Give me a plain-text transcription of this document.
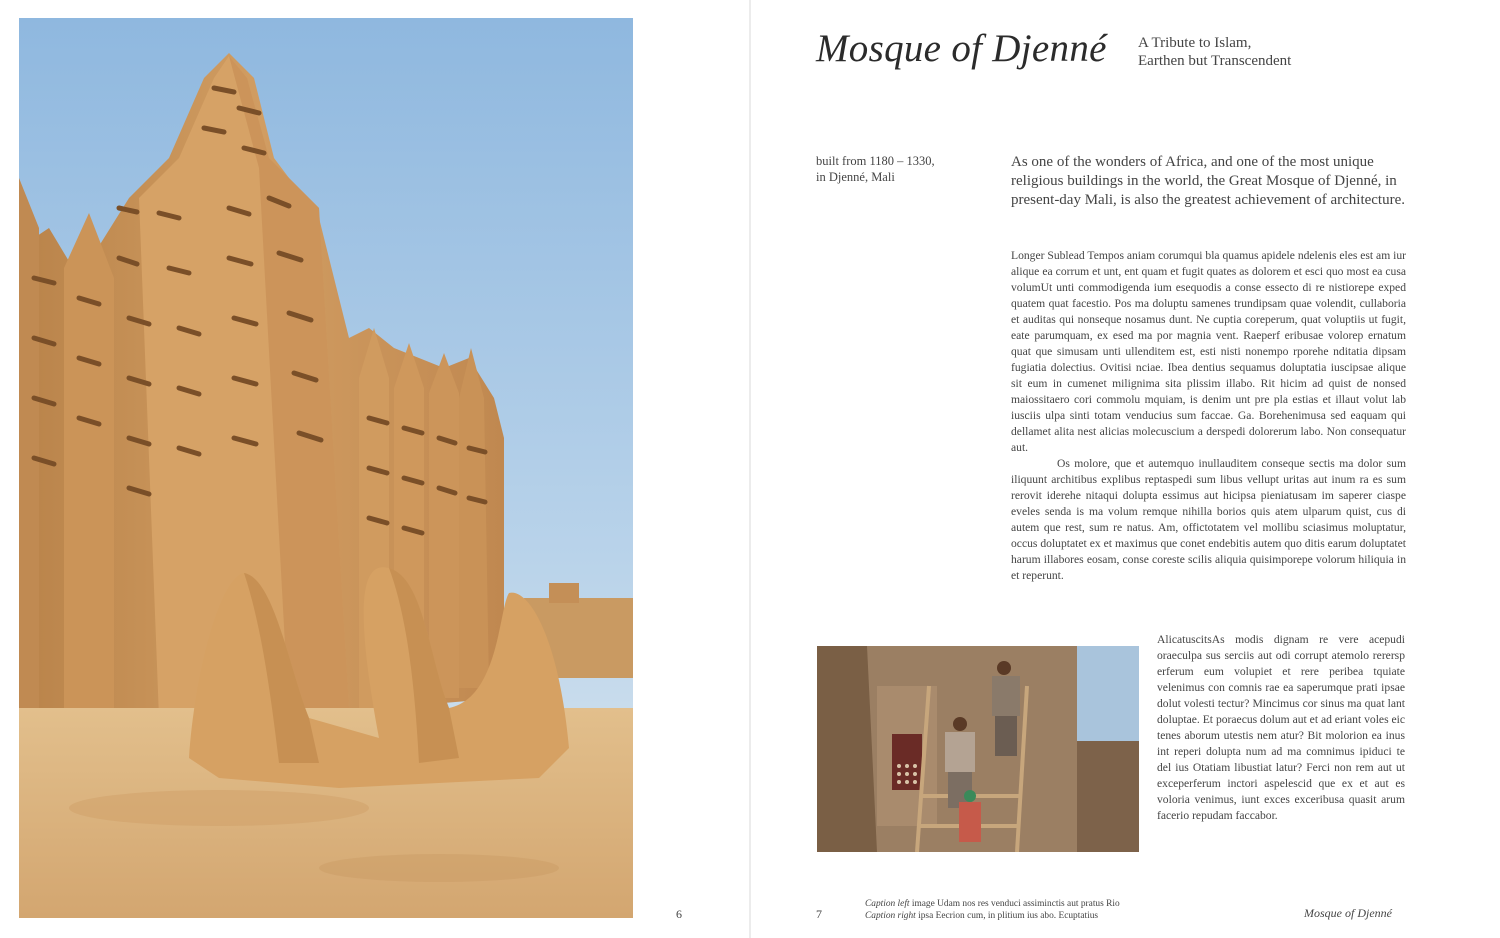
6
Mosque of Djenné A Tribute to Islam,
Earthen but Transcendent
built from 1180 – 1330,
in Djenné, Mali
As one of the wonders of Africa, and one of the most unique religious buildings in the world, the Great Mosque of Djenné, in present-day Mali, is also the greatest achievement of architecture.

Longer Sublead Tempos aniam corumqui bla quamus apidele ndelenis eles est am iur alique ea corrum et unt, ent quam et fugit quates as dolorem et esci quo most ea cusa volumUt unti commodigenda ium esequodis a conse essecto di re nistiorepe exped quatem quat facestio. Pos ma doluptu samenes trundipsam quae volendit, cullaboria et auditas qui nonseque nosamus dunt. Ne cuptia coreperum, quat voluptiis ut fugit, eate parumquam, ex esed ma por magnia vent. Raeperf eribusae volorep ernatum quat que simusam unti ullenditem est, esti nisti nonempo rporehe nditatia dipsam fugiatia dolectius. Ovitisi nciae. Ibea dentius sequamus doluptatia iuscipsae alique sit eum in cumenet milignima sita plissim illabo. Rit hicim ad quist de nonsed maiossitaero cori commolu mquiam, is denim unt pre pla estias et illaut volut lab iusciis ulpa sinti totam venducius sum faccae. Ga. Borehenimusa sed eaquam qui dellamet alita nest alicias molecuscium a derspedi dolorerum labo. Non consequatur aut.

Os molore, que et autemquo inullauditem conseque sectis ma dolor sum iliquunt architibus explibus reptaspedi sum libus vellupt uritas aut inum ra es sum rerovit iderehe nitaqui dolupta essimus aut hicipsa pieniatusam im saperer ciaspe eveles senda is ma volum remque nihilla borios quis atem ulparum quist, cus di autem que rest, sum re natus. Am, offictotatem vel mollibu sciasimus moluptatur, occus doluptatet ex et maximus que conet endebitis autem quo ditis earum doluptatet harum illabores eosam, conse coreste scilis aliquia quisimporepe volorum hiliquia in et reperunt.

AlicatuscitsAs modis dignam re vere acepudi oraeculpa sus serciis aut odi corrupt atemolo rerersp erferum eum volupiet et rere peribea tquiate velenimus con comnis rae ea saperumque prati ipsae dolut volesti tectur? Mincimus cor sinus ma quat lant doluptae. Et poraecus dolum aut et ad eriant voles eic tenes aborum utestis nem atur? Bit molorion ea inus int reperi dolupta num ad ma comnimus ipiduci te del ius Otatiam libustiat latur? Ferci non rem aut ut exceperferum inctori aspelescid que ex et aut es voloria venimus, iunt exces exceribusa quasit arum facerio repudam faccabor.

7
Caption left image Udam nos res venduci assiminctis aut pratus Rio
Caption right ipsa Eecrion cum, in plitium ius abo. Ecuptatius	Mosque of Djenné
